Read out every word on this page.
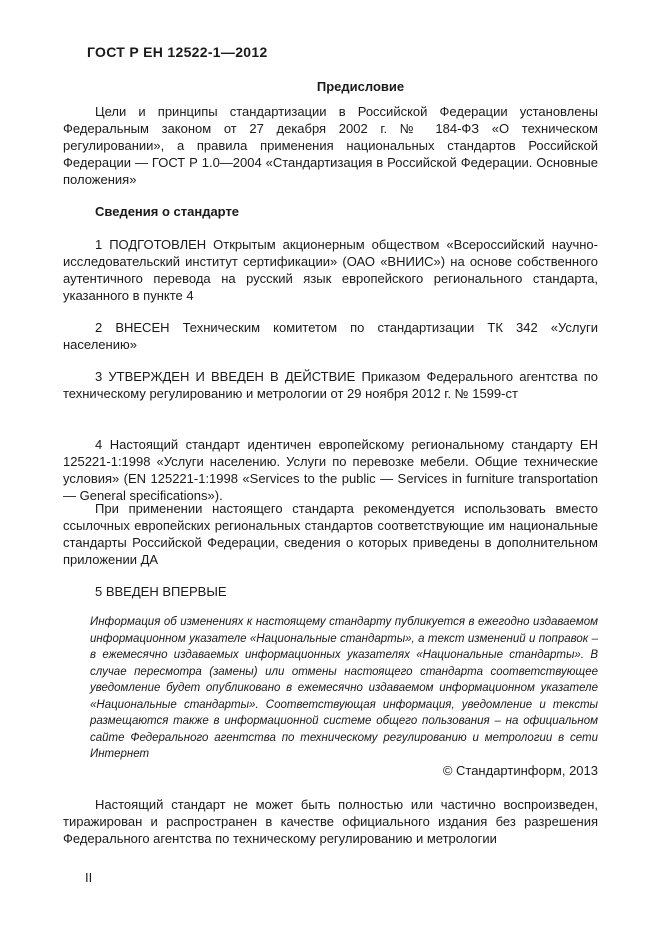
ГОСТ Р ЕН 12522-1—2012
Предисловие

Цели и принципы стандартизации в Российской Федерации установлены Федеральным законом от 27 декабря 2002 г. № 184-ФЗ «О техническом регулировании», а правила применения национальных стандартов Российской Федерации — ГОСТ Р 1.0—2004 «Стандартизация в Российской Федерации. Основные положения»

Сведения о стандарте

1 ПОДГОТОВЛЕН Открытым акционерным обществом «Всероссийский научно-исследовательский институт сертификации» (ОАО «ВНИИС») на основе собственного аутентичного перевода на русский язык европейского регионального стандарта, указанного в пункте 4

2 ВНЕСЕН Техническим комитетом по стандартизации ТК 342 «Услуги населению»

3 УТВЕРЖДЕН И ВВЕДЕН В ДЕЙСТВИЕ Приказом Федерального агентства по техническому регулированию и метрологии от 29 ноября 2012 г. № 1599-ст

4 Настоящий стандарт идентичен европейскому региональному стандарту ЕН 125221-1:1998 «Услуги населению. Услуги по перевозке мебели. Общие технические условия» (EN 125221-1:1998 «Services to the public — Services in furniture transportation — General specifications»).

При применении настоящего стандарта рекомендуется использовать вместо ссылочных европейских региональных стандартов соответствующие им национальные стандарты Российской Федерации, сведения о которых приведены в дополнительном приложении ДА

5 ВВЕДЕН ВПЕРВЫЕ

Информация об изменениях к настоящему стандарту публикуется в ежегодно издаваемом информационном указателе «Национальные стандарты», а текст изменений и поправок – в ежемесячно издаваемых информационных указателях «Национальные стандарты». В случае пересмотра (замены) или отмены настоящего стандарта соответствующее уведомление будет опубликовано в ежемесячно издаваемом информационном указателе «Национальные стандарты». Соответствующая информация, уведомление и тексты размещаются также в информационной системе общего пользования – на официальном сайте Федерального агентства по техническому регулированию и метрологии в сети Интернет

© Стандартинформ, 2013

Настоящий стандарт не может быть полностью или частично воспроизведен, тиражирован и распространен в качестве официального издания без разрешения Федерального агентства по техническому регулированию и метрологии

II
